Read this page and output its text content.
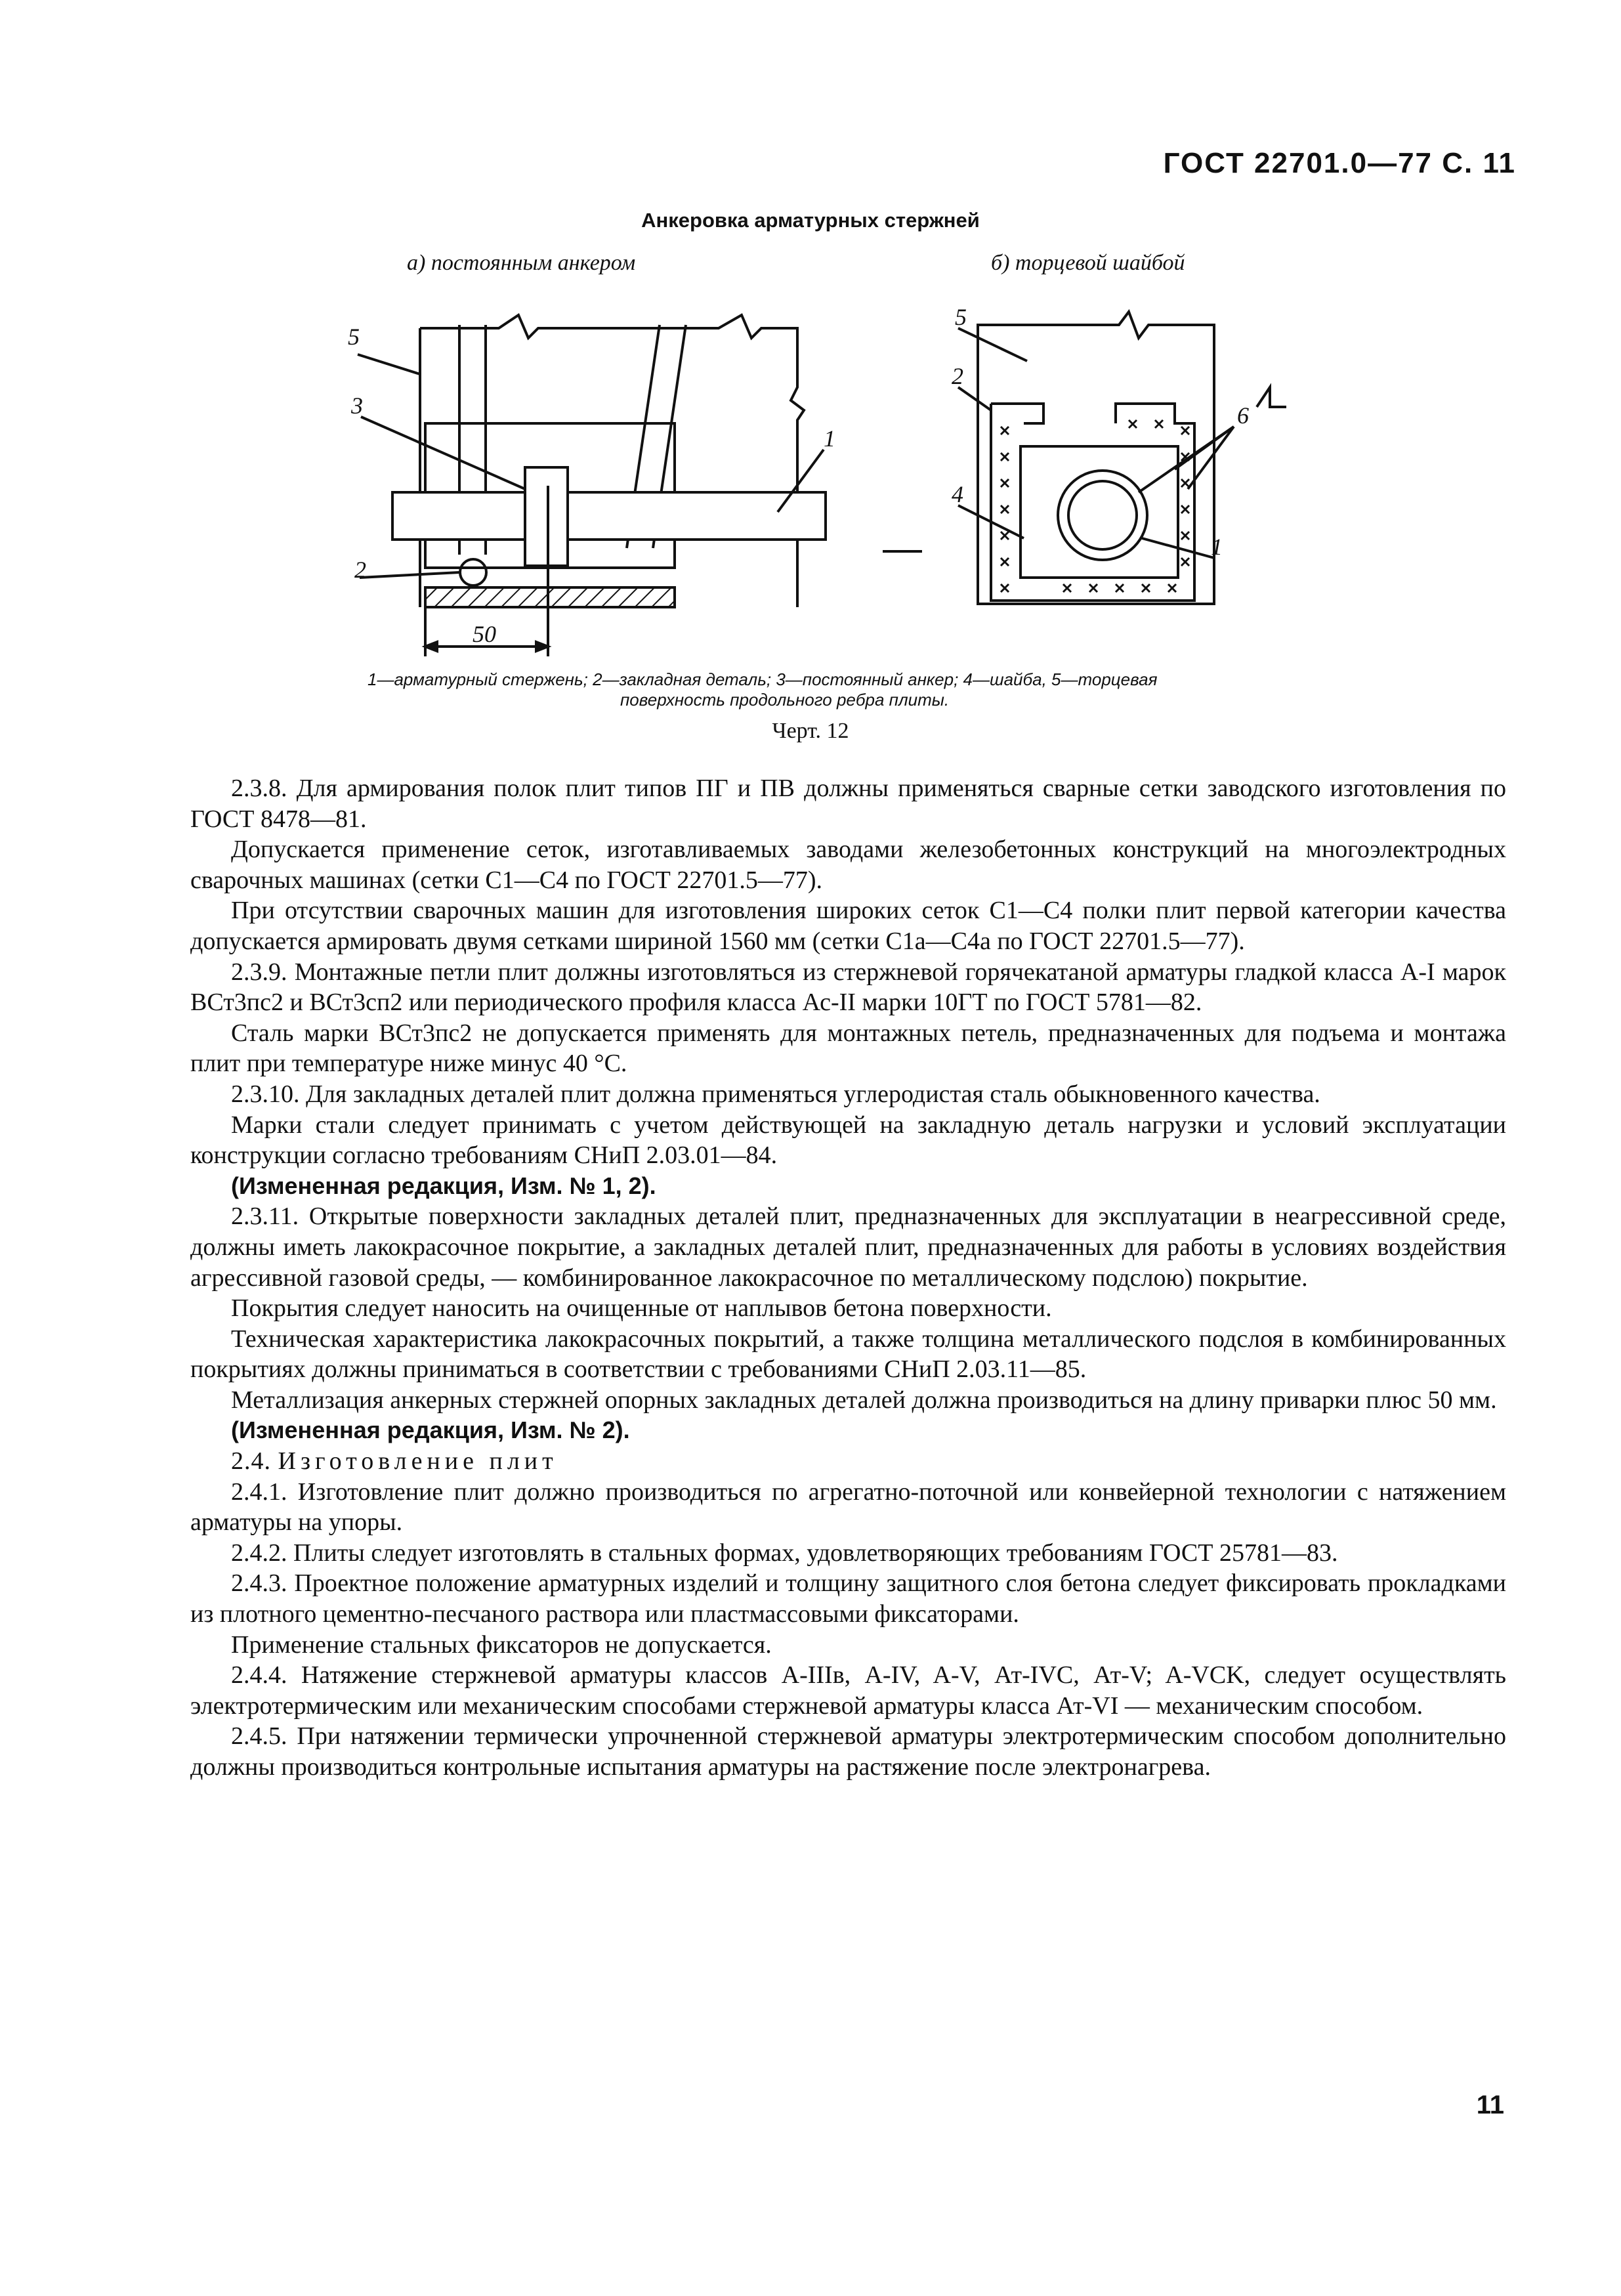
ГОСТ 22701.0—77 С. 11
Анкеровка арматурных стержней
а) постоянным анкером	б) торцевой шайбой
5
3
1
2
50
5
2
6
4
1
1—арматурный стержень; 2—закладная деталь; 3—постоянный анкер; 4—шайба, 5—торцевая
поверхность продольного ребра плиты.
Черт. 12

2.3.8. Для армирования полок плит типов ПГ и ПВ должны применяться сварные сетки заводского изготовления по ГОСТ 8478—81.

Допускается применение сеток, изготавливаемых заводами железобетонных конструкций на многоэлектродных сварочных машинах (сетки С1—С4 по ГОСТ 22701.5—77).

При отсутствии сварочных машин для изготовления широких сеток С1—С4 полки плит первой категории качества допускается армировать двумя сетками шириной 1560 мм (сетки С1а—С4а по ГОСТ 22701.5—77).

2.3.9. Монтажные петли плит должны изготовляться из стержневой горячекатаной арматуры гладкой класса A-I марок ВСт3пс2 и ВСт3сп2 или периодического профиля класса Ас-II марки 10ГТ по ГОСТ 5781—82.

Сталь марки ВСт3пс2 не допускается применять для монтажных петель, предназначенных для подъема и монтажа плит при температуре ниже минус 40 °С.

2.3.10. Для закладных деталей плит должна применяться углеродистая сталь обыкновенного качества.

Марки стали следует принимать с учетом действующей на закладную деталь нагрузки и условий эксплуатации конструкции согласно требованиям СНиП 2.03.01—84.

(Измененная редакция, Изм. № 1, 2).

2.3.11. Открытые поверхности закладных деталей плит, предназначенных для эксплуатации в неагрессивной среде, должны иметь лакокрасочное покрытие, а закладных деталей плит, предназначенных для работы в условиях воздействия агрессивной газовой среды, — комбинированное лакокрасочное по металлическому подслою) покрытие.

Покрытия следует наносить на очищенные от наплывов бетона поверхности.

Техническая характеристика лакокрасочных покрытий, а также толщина металлического подслоя в комбинированных покрытиях должны приниматься в соответствии с требованиями СНиП 2.03.11—85.

Металлизация анкерных стержней опорных закладных деталей должна производиться на длину приварки плюс 50 мм.

(Измененная редакция, Изм. № 2).

2.4. Изготовление плит

2.4.1. Изготовление плит должно производиться по агрегатно-поточной или конвейерной технологии с натяжением арматуры на упоры.

2.4.2. Плиты следует изготовлять в стальных формах, удовлетворяющих требованиям ГОСТ 25781—83.

2.4.3. Проектное положение арматурных изделий и толщину защитного слоя бетона следует фиксировать прокладками из плотного цементно-песчаного раствора или пластмассовыми фиксаторами.

Применение стальных фиксаторов не допускается.

2.4.4. Натяжение стержневой арматуры классов A-IIIв, A-IV, A-V, Ат-IVC, Ат-V; A-VCK, следует осуществлять электротермическим или механическим способами стержневой арматуры класса Ат-VI — механическим способом.

2.4.5. При натяжении термически упрочненной стержневой арматуры электротермическим способом дополнительно должны производиться контрольные испытания арматуры на растяжение после электронагрева.

11
